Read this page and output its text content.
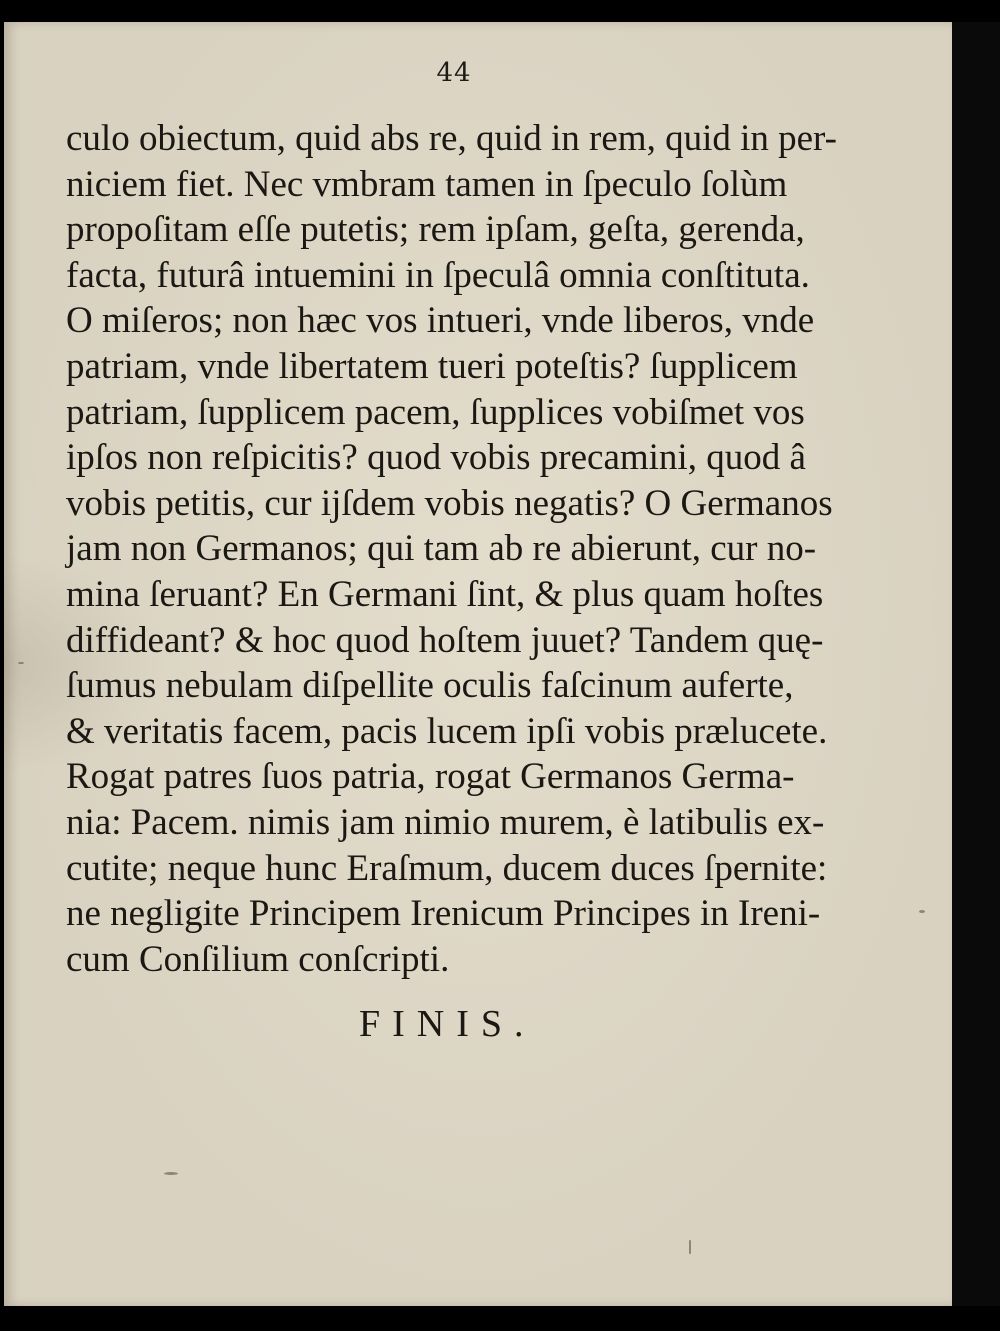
44
culo obiectum, quid abs re, quid in rem, quid in per-
niciem fiet. Nec vmbram tamen in ſpeculo ſolùm
propoſitam eſſe putetis; rem ipſam, geſta, gerenda,
facta, futurâ intuemini in ſpeculâ omnia conſtituta.
O miſeros; non hæc vos intueri, vnde liberos, vnde
patriam, vnde libertatem tueri poteſtis? ſupplicem
patriam, ſupplicem pacem, ſupplices vobiſmet vos
ipſos non reſpicitis? quod vobis precamini, quod â
vobis petitis, cur ijſdem vobis negatis? O Germanos
jam non Germanos; qui tam ab re abierunt, cur no-
mina ſeruant? En Germani ſint, & plus quam hoſtes
diffideant? & hoc quod hoſtem juuet? Tandem quę-
ſumus nebulam diſpellite oculis faſcinum auferte,
& veritatis facem, pacis lucem ipſi vobis prælucete.
Rogat patres ſuos patria, rogat Germanos Germa-
nia: Pacem. nimis jam nimio murem, è latibulis ex-
cutite; neque hunc Eraſmum, ducem duces ſpernite:
ne negligite Principem Irenicum Principes in Ireni-
cum Conſilium conſcripti.
FINIS.
